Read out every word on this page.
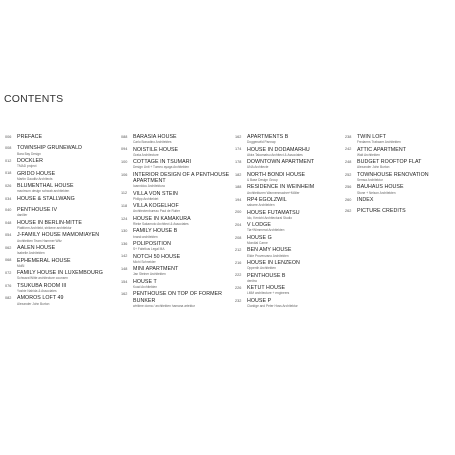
CONTENTS
006	PREFACE
008	TOWNSHIP GRUNEWALD
Bara Bay Design
012	DOCKLER
TMAD project
018	GRIDO HOUSE
Martin Gauditz Architects
026	BLUMENTHAL HOUSE
maximum design schwab architekten
034	HOUSE & STALLWANG
040	PENTHOUSE IV
daniller
048	HOUSE IN BERLIN-MITTE
Plattform Architekt, strikene architektur
054	J-FAMILY HOUSE MAMOMIAYEN
Architekten Team Hammer Witz
062	AALEN HOUSE
Isabelle Architekten
068	EPHEMERAL HOUSE
MoBI
072	FAMILY HOUSE IN LUXEMBOURG
Schwarz/Witte architecture counsen
076	TSUKUBA ROOM III
Yoshie Nahida & Associates
082	AMOROS LOFT 49
Alexander John Burton
088	BARASIA HOUSE
Carlo Bonadino Architektes
094	NOISTILE HOUSE
Grata Architecture
100	COTTAGE IN TSUMARI
Design Unit + Tumeo ayaga Architekten
106	INTERIOR DESIGN OF A PENTHOUSE APARTMENT
Ioannidou Architektura
112	VILLA VON STEIN
Philipp Architektet
118	VILLA KOGELHOF
Architectenbureau Paul de Ruiter
124	HOUSE IN KAMAKURA
Rieke Sakamoto Architect & Associates
130	FAMILY HOUSE B
brand:architekten
136	POLIPOSITION
S+ Fabrikus Legal MA
142	NOTCH 50 HOUSE
Michi Schneider
148	MINI APARTMENT
Jan Steiner Architekten
154	HOUSE T
Kuad Architekten
162	PENTHOUSE ON TOP OF FORMER BUNKER
wiritime doma / architekten hamana artektur
162	APARTMENTS B
Doggenwild Pannap
174	HOUSE IN DODAMARHU
Akira Takamatsu Architect & Associates
178	DOWNTOWN APARTMENT
UNA Architecte
182	NORTH BONDI HOUSE
& Base Design Group
188	RESIDENCE IN WEINHEIM
Architekturen Wannenmacher+Möller
194	RP4 EGOLZWIL
sabarre Architekten
200	HOUSE FUTAMATSU
Ido, Kenichi Architectural Studio
204	V LODGE
Tia+Wimmerat Architekten
208	HOUSE G
Mondial Carne
212	BEN AMY HOUSE
Elide Provenzano Architekten
216	HOUSE IN LENZEON
Oppenth Architekten
222	PENTHOUSE B
denitra
226	KETUT HOUSE
LMM architecture + engineers
232	HOUSE P
Claridge and Peter Hoss Architektur
238	TWIN LOFT
Fredarms Trabazer Architekten
242	ATTIC APARTMENT
Walt Architekten
248	BUDGET ROOFTOP FLAT
Alexander John Burton
252	TOWNHOUSE RENOVATION
Semsa Architektur
256	BAUHAUS HOUSE
Stone + Nelson Architekten
260	INDEX
262	PICTURE CREDITS
